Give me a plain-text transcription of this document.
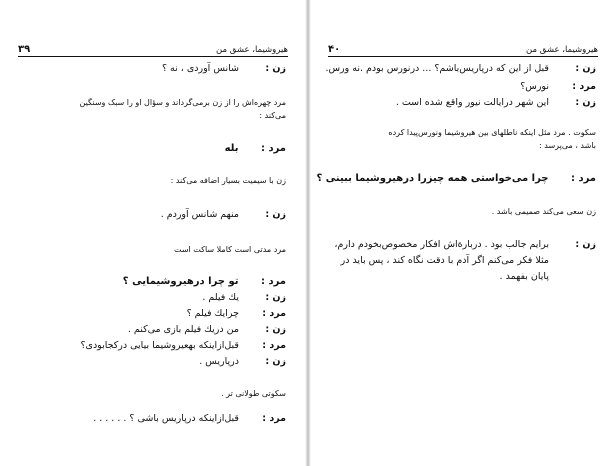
هیروشیما، عشق من
۳۹
زن : شانس آوردی ، نه ؟
مرد چهره‌اش را از زن برمی‌گرداند و سؤال او را سبک وسنگین
می‌کند :
مرد : بله
زن با سیمیت بسیار اضافه می‌کند :
زن : منهم شانس آوردم .
مرد مدتی است کاملا ساکت است
مرد : تو چرا درهیروشیمایی ؟
زن : یك فیلم .
مرد : چرایك فیلم ؟
زن : من دریك فیلم بازی می‌کنم .
مرد : قبل‌ازاینکه بهعیروشیما بیایی درکجابودی؟
زن : درپاریس .
سکوتی طولانی تر .
مرد : قبل‌ازاینکه درپاریس باشی ؟ . . . . . .
هیروشیما، عشق من
۴۰
زن : قبل از این که درپاریس‌باشم؟ ... درنورس بودم .نه ورس.
مرد : نورس؟
زن : این شهر درایالت نیور واقع شده است .
سکوت . مرد مثل اینکه ناطلهای بین هیروشیما ونورس‌پیدا کرده
باشد ، می‌پرسد :
مرد : چرا می‌خواستی همه چیزرا درهیروشیما ببینی ؟
زن سعی می‌کند صمیمی باشد .
زن : برایم جالب بود . دربارةاش افکار مخصوص‌بخودم دارم،
مثلا فکر می‌کنم اگر آدم با دقت نگاه کند ، پس باید در
پایان بفهمد .
